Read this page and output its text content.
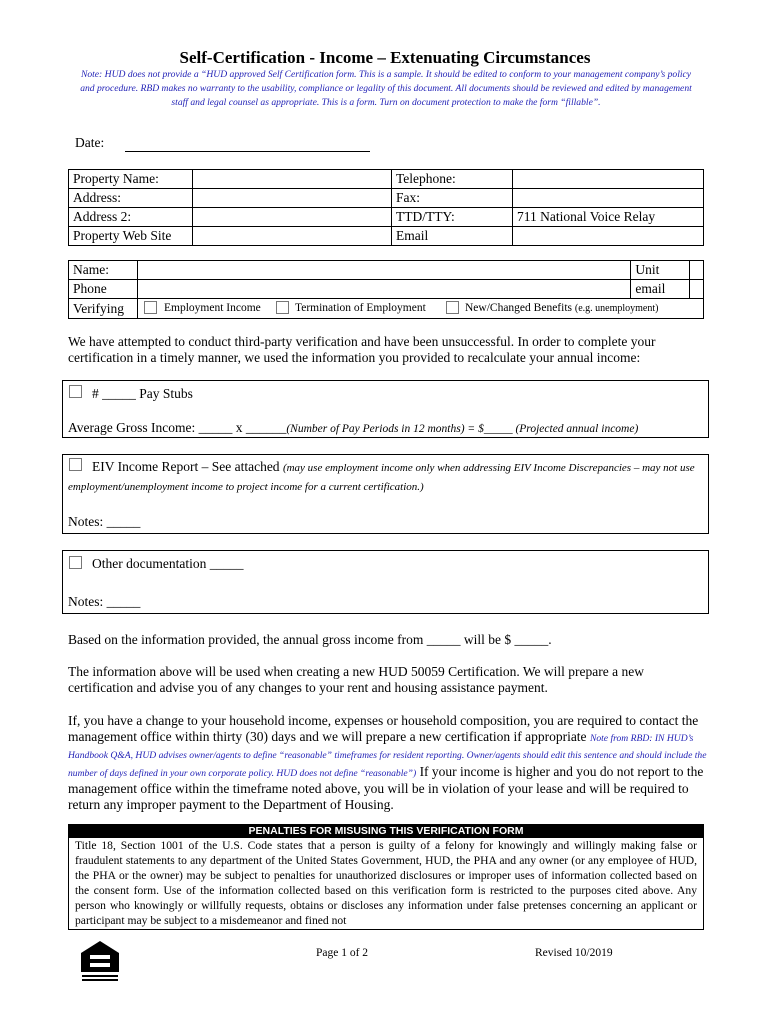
Self-Certification - Income – Extenuating Circumstances
Note: HUD does not provide a “HUD approved Self Certification form. This is a sample. It should be edited to conform to your management company’s policy and procedure. RBD makes no warranty to the usability, compliance or legality of this document. All documents should be reviewed and edited by management staff and legal counsel as appropriate. This is a form. Turn on document protection to make the form “fillable”.
Date:
Property Name:		Telephone:	
Address:		Fax:	
Address 2:		TTD/TTY:	711 National Voice Relay
Property Web Site		Email	
Name:		Unit	
Phone		email	
Verifying	Employment Income Termination of Employment New/Changed Benefits (e.g. unemployment)		
We have attempted to conduct third-party verification and have been unsuccessful. In order to complete your certification in a timely manner, we used the information you provided to recalculate your annual income:
# _____ Pay Stubs
Average Gross Income: _____ x ______(Number of Pay Periods in 12 months) = $_____ (Projected annual income)
EIV Income Report – See attached (may use employment income only when addressing EIV Income Discrepancies – may not use employment/unemployment income to project income for a current certification.)
Notes: _____
Other documentation _____
Notes: _____
Based on the information provided, the annual gross income from _____ will be $ _____.
The information above will be used when creating a new HUD 50059 Certification. We will prepare a new certification and advise you of any changes to your rent and housing assistance payment.
If, you have a change to your household income, expenses or household composition, you are required to contact the management office within thirty (30) days and we will prepare a new certification if appropriate Note from RBD: IN HUD’s Handbook Q&A, HUD advises owner/agents to define “reasonable” timeframes for resident reporting. Owner/agents should edit this sentence and should include the number of days defined in your own corporate policy. HUD does not define “reasonable”) If your income is higher and you do not report to the management office within the timeframe noted above, you will be in violation of your lease and will be required to return any improper payment to the Department of Housing.
PENALTIES FOR MISUSING THIS VERIFICATION FORM
Title 18, Section 1001 of the U.S. Code states that a person is guilty of a felony for knowingly and willingly making false or fraudulent statements to any department of the United States Government, HUD, the PHA and any owner (or any employee of HUD, the PHA or the owner) may be subject to penalties for unauthorized disclosures or improper uses of information collected based on the consent form. Use of the information collected based on this verification form is restricted to the purposes cited above. Any person who knowingly or willfully requests, obtains or discloses any information under false pretenses concerning an applicant or participant may be subject to a misdemeanor and fined not
Page 1 of 2	Revised 10/2019
